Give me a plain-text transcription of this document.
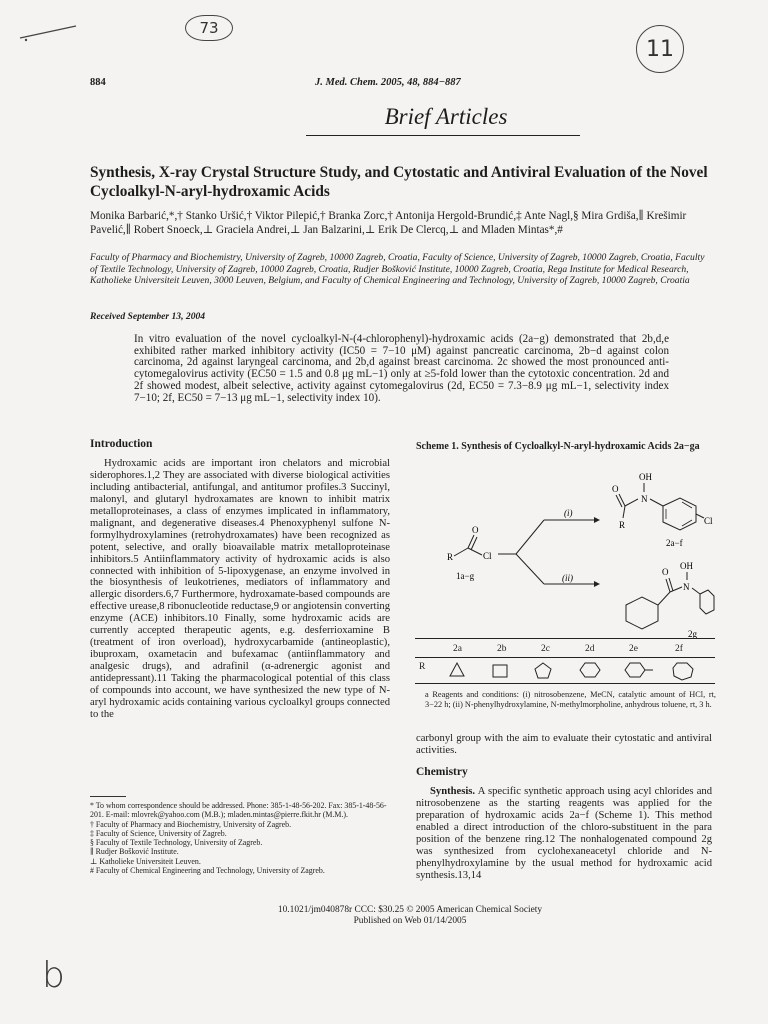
73
11
b
884	J. Med. Chem. 2005, 48, 884−887
Brief Articles
Synthesis, X-ray Crystal Structure Study, and Cytostatic and Antiviral Evaluation of the Novel Cycloalkyl-N-aryl-hydroxamic Acids
Monika Barbarić,*,† Stanko Uršić,† Viktor Pilepić,† Branka Zorc,† Antonija Hergold-Brundić,‡ Ante Nagl,§ Mira Grdiša,∥ Krešimir Pavelić,∥ Robert Snoeck,⊥ Graciela Andrei,⊥ Jan Balzarini,⊥ Erik De Clercq,⊥ and Mladen Mintas*,#
Faculty of Pharmacy and Biochemistry, University of Zagreb, 10000 Zagreb, Croatia, Faculty of Science, University of Zagreb, 10000 Zagreb, Croatia, Faculty of Textile Technology, University of Zagreb, 10000 Zagreb, Croatia, Rudjer Bošković Institute, 10000 Zagreb, Croatia, Rega Institute for Medical Research, Katholieke Universiteit Leuven, 3000 Leuven, Belgium, and Faculty of Chemical Engineering and Technology, University of Zagreb, 10000 Zagreb, Croatia
Received September 13, 2004
In vitro evaluation of the novel cycloalkyl-N-(4-chlorophenyl)-hydroxamic acids (2a−g) demonstrated that 2b,d,e exhibited rather marked inhibitory activity (IC50 = 7−10 μM) against pancreatic carcinoma, 2b−d against colon carcinoma, 2d against laryngeal carcinoma, and 2b,d against breast carcinoma. 2c showed the most pronounced anti-cytomegalovirus activity (EC50 = 1.5 and 0.8 μg mL−1) only at ≥5-fold lower than the cytotoxic concentration. 2d and 2f showed modest, albeit selective, activity against cytomegalovirus (2d, EC50 = 7.3−8.9 μg mL−1, selectivity index 7−10; 2f, EC50 = 7−13 μg mL−1, selectivity index 10).
Introduction

Hydroxamic acids are important iron chelators and microbial siderophores.1,2 They are associated with diverse biological activities including antibacterial, antifungal, and antitumor profiles.3 Succinyl, malonyl, and glutaryl hydroxamates are known to inhibit matrix metalloproteinases, a class of enzymes implicated in inflammatory, malignant, and degenerative diseases.4 Phenoxyphenyl sulfone N-formylhydroxylamines (retrohydroxamates) have been recognized as potent, selective, and orally bioavailable matrix metalloproteinase inhibitors.5 Antiinflammatory activity of hydroxamic acids is also connected with inhibition of 5-lipoxygenase, an enzyme involved in the biosynthesis of leukotrienes, mediators of inflammatory and allergic disorders.6,7 Furthermore, hydroxamate-based compounds are effective urease,8 ribonucleotide reductase,9 or angiotensin converting enzyme (ACE) inhibitors.10 Finally, some hydroxamic acids are currently accepted therapeutic agents, e.g. desferrioxamine B (treatment of iron overload), hydroxycarbamide (antineoplastic), ibuproxam, oxametacin and bufexamac (antiinflammatory and analgesic drugs), and adrafinil (α-adrenergic agonist and antidepressant).11 Taking the pharmacological potential of this class of compounds into account, we have synthesized the new type of N-aryl hydroxamic acids containing various cycloalkyl groups connected to the

* To whom correspondence should be addressed. Phone: 385-1-48-56-202. Fax: 385-1-48-56-201. E-mail: mlovrek@yahoo.com (M.B.); mladen.mintas@pierre.fkit.hr (M.M.).
† Faculty of Pharmacy and Biochemistry, University of Zagreb.
‡ Faculty of Science, University of Zagreb.
§ Faculty of Textile Technology, University of Zagreb.
∥ Rudjer Bošković Institute.
⊥ Katholieke Universiteit Leuven.
# Faculty of Chemical Engineering and Technology, University of Zagreb.
Scheme 1. Synthesis of Cycloalkyl-N-aryl-hydroxamic Acids 2a−ga
R
O
Cl
1a−g
(i)
(ii)
OH
N
O
R	Cl
2a−f
O
N
OH
2g
2a	2b	2c	2d	2e	2f
R
a Reagents and conditions: (i) nitrosobenzene, MeCN, catalytic amount of HCl, rt, 3−22 h; (ii) N-phenylhydroxylamine, N-methylmorpholine, anhydrous toluene, rt, 3 h.

carbonyl group with the aim to evaluate their cytostatic and antiviral activities.

Chemistry

Synthesis. A specific synthetic approach using acyl chlorides and nitrosobenzene as the starting reagents was applied for the preparation of hydroxamic acids 2a−f (Scheme 1). This method enabled a direct introduction of the chloro-substituent in the para position of the benzene ring.12 The nonhalogenated compound 2g was synthesized from cyclohexaneacetyl chloride and N-phenylhydroxylamine by the usual method for hydroxamic acid synthesis.13,14

10.1021/jm040878r CCC: $30.25 © 2005 American Chemical Society
Published on Web 01/14/2005
